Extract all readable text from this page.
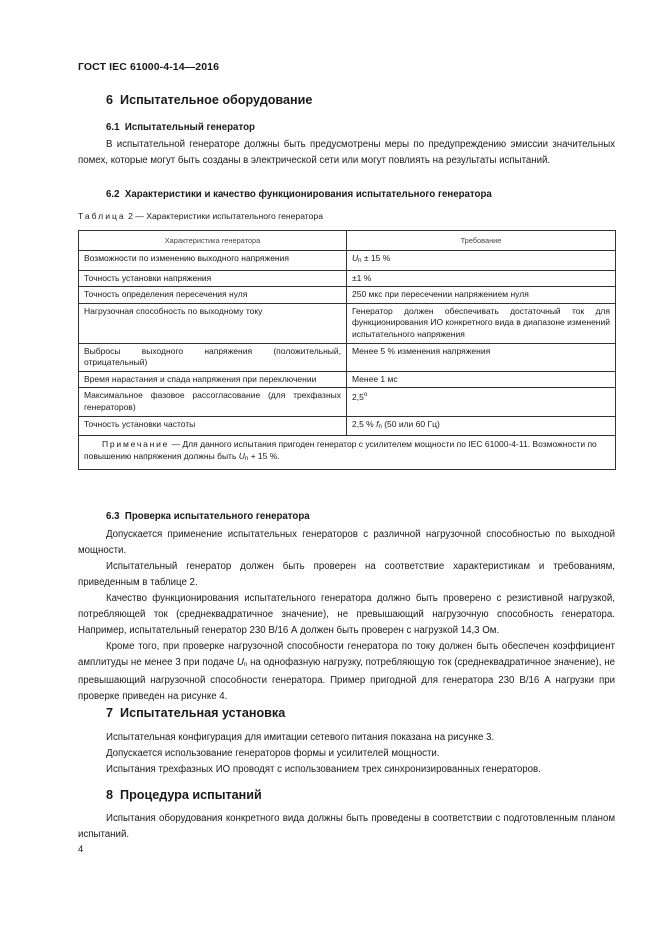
ГОСТ IEC 61000-4-14—2016
6 Испытательное оборудование
6.1 Испытательный генератор
В испытательной генераторе должны быть предусмотрены меры по предупреждению эмиссии значительных помех, которые могут быть созданы в электрической сети или могут повлиять на результаты испытаний.
6.2 Характеристики и качество функционирования испытательного генератора
Таблица 2 — Характеристики испытательного генератора
Характеристика генератора	Требование
Возможности по изменению выходного напряжения	$U_n \pm 15$ %
Точность установки напряжения	±1 %
Точность определения пересечения нуля	250 мкс при пересечении напряжением нуля
Нагрузочная способность по выходному току	Генератор должен обеспечивать достаточный ток для функционирования ИО конкретного вида в диапазоне изменений испытательного напряжения
Выбросы выходного напряжения (положительный, отрицательный)	Менее 5 % изменения напряжения
Время нарастания и спада напряжения при переключении	Менее 1 мс
Максимальное фазовое рассогласование (для трехфазных генераторов)	$2,5^о$
Точность установки частоты	2,5 % $f_n$ (50 или 60 Гц)
Примечание — Для данного испытания пригоден генератор с усилителем мощности по IEC 61000-4-11. Возможности по повышению напряжения должны быть $U_n + 15$ %.	
6.3 Проверка испытательного генератора
Допускается применение испытательных генераторов с различной нагрузочной способностью по выходной мощности.
Испытательный генератор должен быть проверен на соответствие характеристикам и требованиям, приведенным в таблице 2.
Качество функционирования испытательного генератора должно быть проверено с резистивной нагрузкой, потребляющей ток (среднеквадратичное значение), не превышающий нагрузочную способность генератора. Например, испытательный генератор 230 В/16 А должен быть проверен с нагрузкой 14,3 Ом.
Кроме того, при проверке нагрузочной способности генератора по току должен быть обеспечен коэффициент амплитуды не менее 3 при подаче $U_n$ на однофазную нагрузку, потребляющую ток (среднеквадратичное значение), не превышающий нагрузочной способности генератора. Пример пригодной для генератора 230 В/16 А нагрузки при проверке приведен на рисунке 4.
7 Испытательная установка
Испытательная конфигурация для имитации сетевого питания показана на рисунке 3.
Допускается использование генераторов формы и усилителей мощности.
Испытания трехфазных ИО проводят с использованием трех синхронизированных генераторов.
8 Процедура испытаний
Испытания оборудования конкретного вида должны быть проведены в соответствии с подготовленным планом испытаний.
4
